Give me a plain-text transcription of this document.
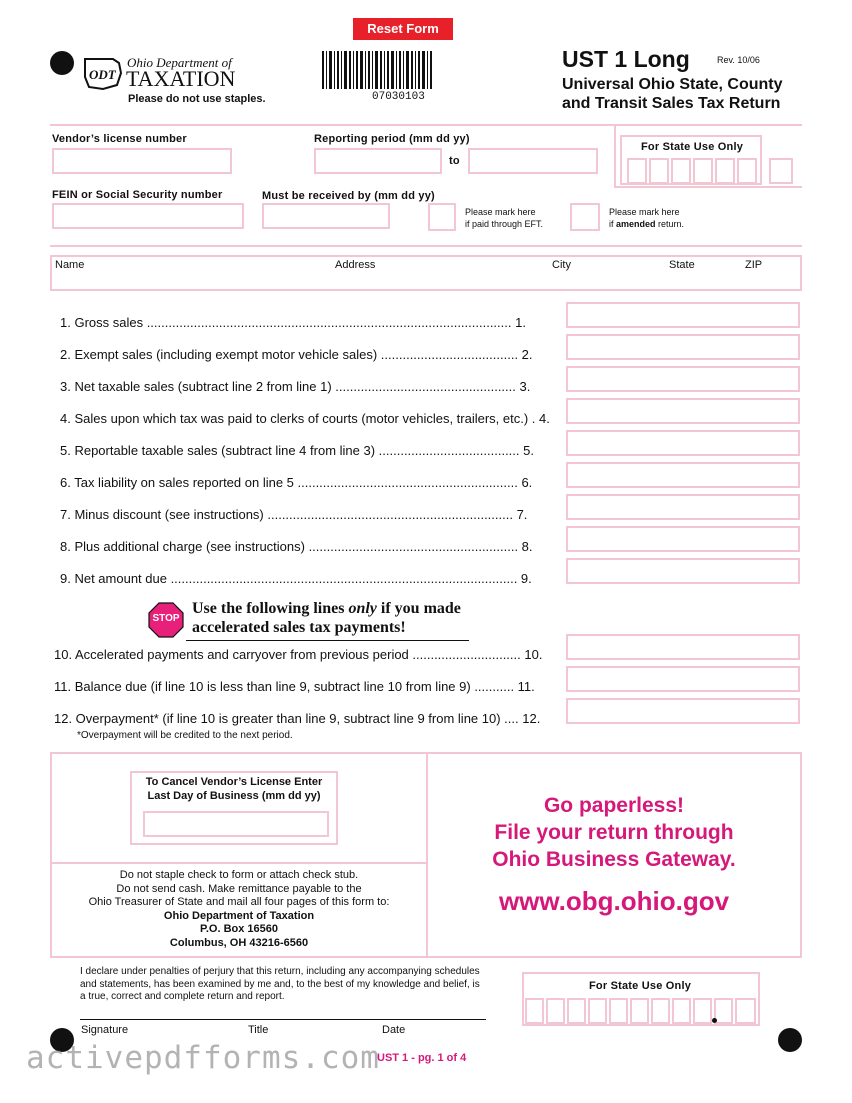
Reset Form
ODT
Ohio Department of
TAXATION
Please do not use staples.	07030103
UST 1 Long	Rev. 10/06
Universal Ohio State, County
and Transit Sales Tax Return
Vendor’s license number	Reporting period (mm dd yy)
to
For State Use Only
FEIN or Social Security number	Must be received by (mm dd yy)
Please mark here
if paid through EFT.
Please mark here
if amended return.
Name	Address	City	State	ZIP
1. Gross sales ..................................................................................................... 1.
2. Exempt sales (including exempt motor vehicle sales) ...................................... 2.
3. Net taxable sales (subtract line 2 from line 1) .................................................. 3.
4. Sales upon which tax was paid to clerks of courts (motor vehicles, trailers, etc.) . 4.
5. Reportable taxable sales (subtract line 4 from line 3) ....................................... 5.
6. Tax liability on sales reported on line 5 ............................................................. 6.
7. Minus discount (see instructions) .................................................................... 7.
8. Plus additional charge (see instructions) .......................................................... 8.
9. Net amount due ................................................................................................ 9.
STOP
Use the following lines only if you made
accelerated sales tax payments!
10. Accelerated payments and carryover from previous period .............................. 10.
11. Balance due (if line 10 is less than line 9, subtract line 10 from line 9) ........... 11.
12. Overpayment* (if line 10 is greater than line 9, subtract line 9 from line 10) .... 12.
*Overpayment will be credited to the next period.
To Cancel Vendor’s License Enter
Last Day of Business (mm dd yy)
Do not staple check to form or attach check stub.
Do not send cash. Make remittance payable to the
Ohio Treasurer of State and mail all four pages of this form to:
Ohio Department of Taxation
P.O. Box 16560
Columbus, OH 43216-6560
Go paperless!
File your return through
Ohio Business Gateway.
www.obg.ohio.gov
I declare under penalties of perjury that this return, including any accompanying schedules and statements, has been examined by me and, to the best of my knowledge and belief, is a true, correct and complete return and report.
Signature	Title	Date
For State Use Only
UST 1 - pg. 1 of 4
activepdfforms.com
